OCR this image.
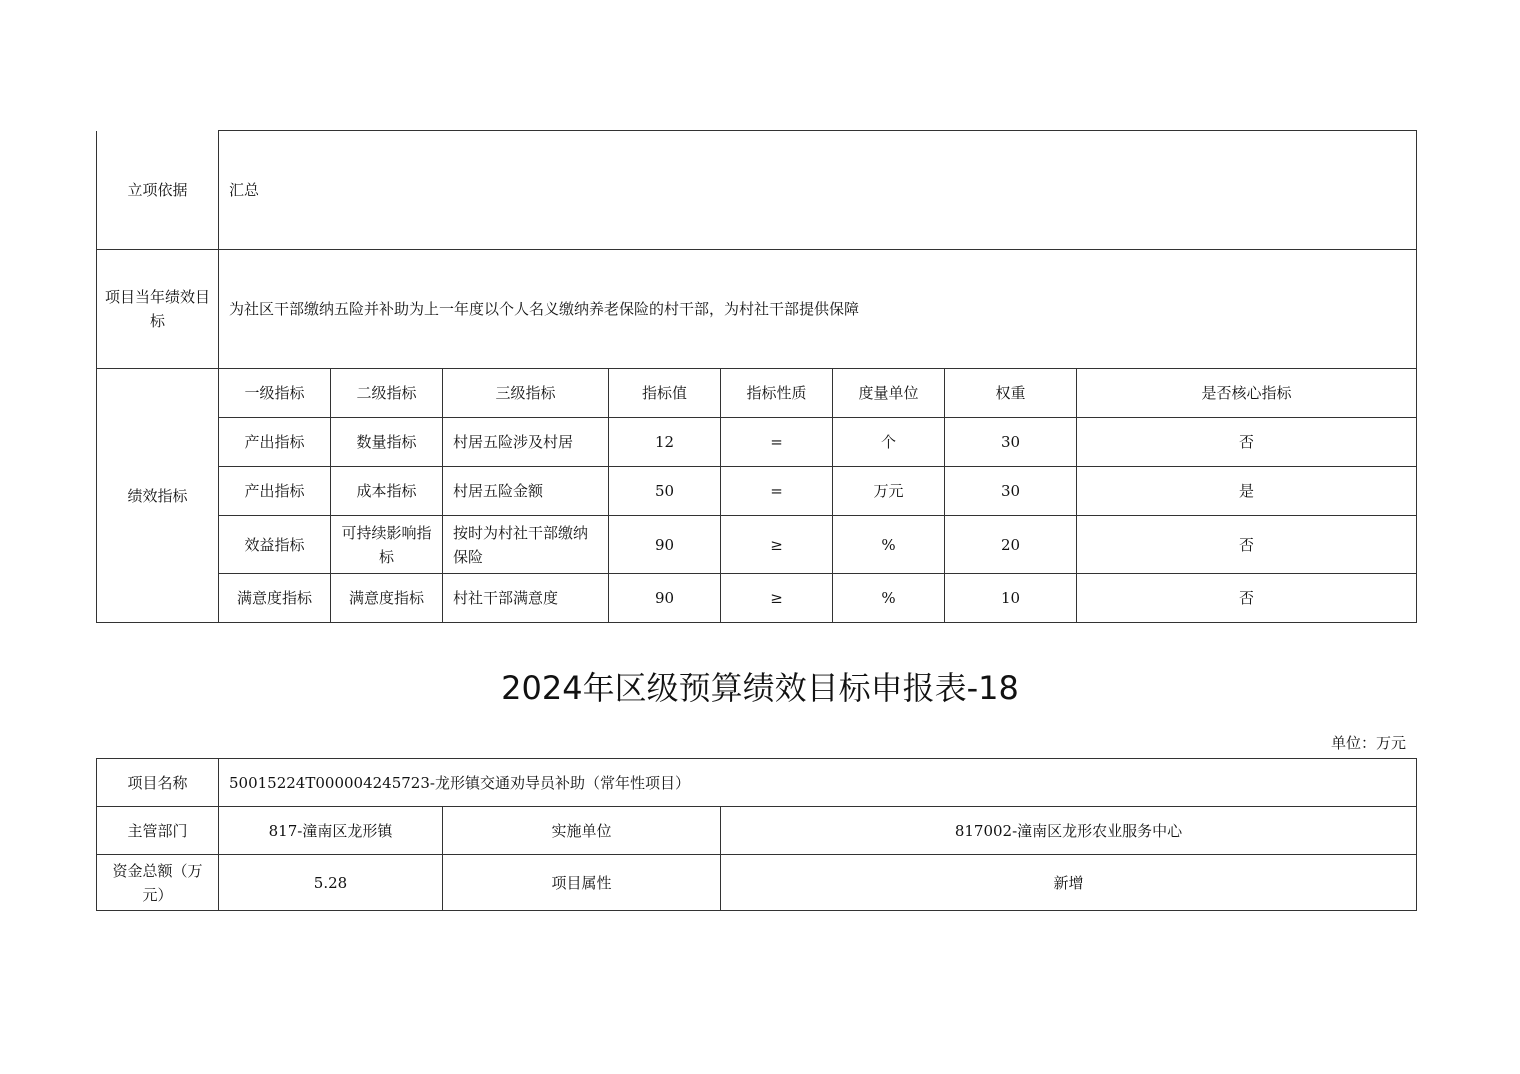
立项依据	汇总							
项目当年绩效目标	为社区干部缴纳五险并补助为上一年度以个人名义缴纳养老保险的村干部，为村社干部提供保障							
绩效指标	一级指标	二级指标	三级指标	指标值	指标性质	度量单位	权重	是否核心指标
	产出指标	数量指标	村居五险涉及村居	12	=	个	30	否
	产出指标	成本指标	村居五险金额	50	=	万元	30	是
	效益指标	可持续影响指标	按时为村社干部缴纳保险	90	≥	%	20	否
	满意度指标	满意度指标	村社干部满意度	90	≥	%	10	否
2024年区级预算绩效目标申报表-18
单位：万元
项目名称	50015224T000004245723-龙形镇交通劝导员补助（常年性项目）		
主管部门	817-潼南区龙形镇	实施单位	817002-潼南区龙形农业服务中心
资金总额（万元）	5.28	项目属性	新增
